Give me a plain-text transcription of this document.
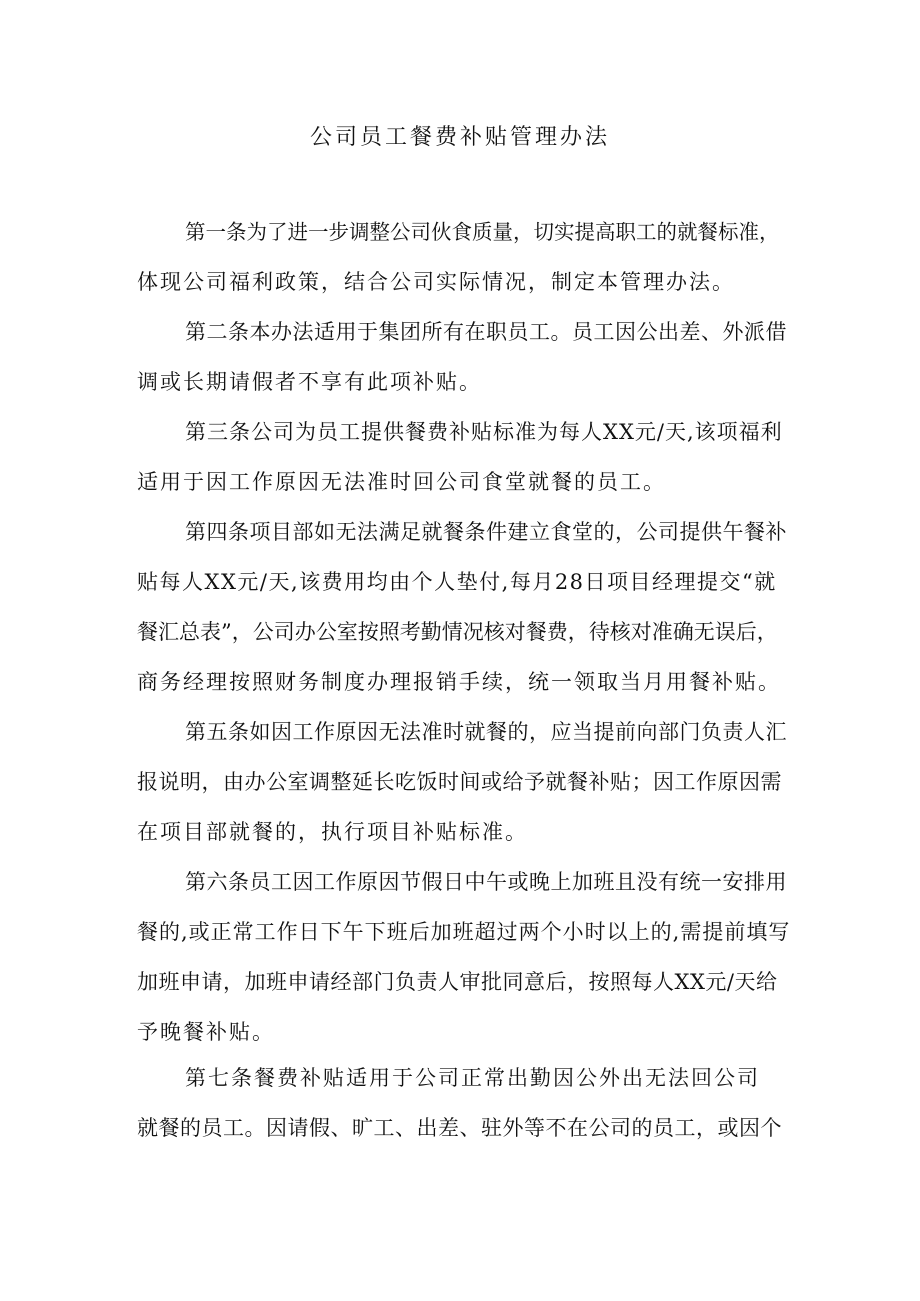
公司员工餐费补贴管理办法

第一条为了进一步调整公司伙食质量，切实提高职工的就餐标准，

体现公司福利政策，结合公司实际情况，制定本管理办法。

第二条本办法适用于集团所有在职员工。员工因公出差、外派借

调或长期请假者不享有此项补贴。

第三条公司为员工提供餐费补贴标准为每人XX元/天,该项福利

适用于因工作原因无法准时回公司食堂就餐的员工。

第四条项目部如无法满足就餐条件建立食堂的，公司提供午餐补

贴每人XX元/天,该费用均由个人垫付,每月28日项目经理提交“就

餐汇总表”，公司办公室按照考勤情况核对餐费，待核对准确无误后，

商务经理按照财务制度办理报销手续，统一领取当月用餐补贴。

第五条如因工作原因无法准时就餐的，应当提前向部门负责人汇

报说明，由办公室调整延长吃饭时间或给予就餐补贴；因工作原因需

在项目部就餐的，执行项目补贴标准。

第六条员工因工作原因节假日中午或晚上加班且没有统一安排用

餐的,或正常工作日下午下班后加班超过两个小时以上的,需提前填写

加班申请，加班申请经部门负责人审批同意后，按照每人XX元/天给

予晚餐补贴。

第七条餐费补贴适用于公司正常出勤因公外出无法回公司

就餐的员工。因请假、旷工、出差、驻外等不在公司的员工，或因个
